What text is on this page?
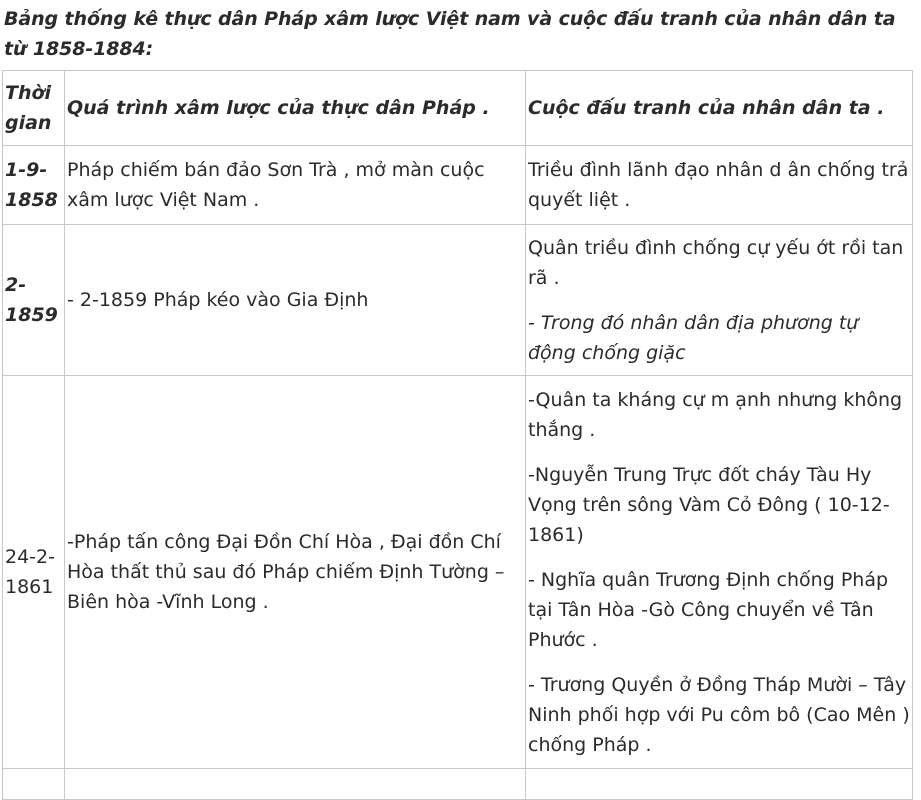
Bảng thống kê thực dân Pháp xâm lược Việt nam và cuộc đấu tranh của nhân dân ta từ 1858-1884:
Thời gian	Quá trình xâm lược của thực dân Pháp .	Cuộc đấu tranh của nhân dân ta .
1-9-1858	Pháp chiếm bán đảo Sơn Trà , mở màn cuộc xâm lược Việt Nam .	Triều đình lãnh đạo nhân d ân chống trả quyết liệt .

2-1859	- 2-1859 Pháp kéo vào Gia Định	Quân triều đình chống cự yếu ớt rồi tan rã .
- Trong đó nhân dân địa phương tự động chống giặc

24-2-1861	-Pháp tấn công Đại Đồn Chí Hòa , Đại đồn Chí Hòa thất thủ sau đó Pháp chiếm Định Tường – Biên hòa -Vĩnh Long .	-Quân ta kháng cự m ạnh nhưng không thắng .
-Nguyễn Trung Trực đốt cháy Tàu Hy Vọng trên sông Vàm Cỏ Đông ( 10-12-1861)
- Nghĩa quân Trương Định chống Pháp tại Tân Hòa -Gò Công chuyển về Tân Phước .
- Trương Quyền ở Đồng Tháp Mười – Tây Ninh phối hợp với Pu côm bô (Cao Mên ) chống Pháp .
